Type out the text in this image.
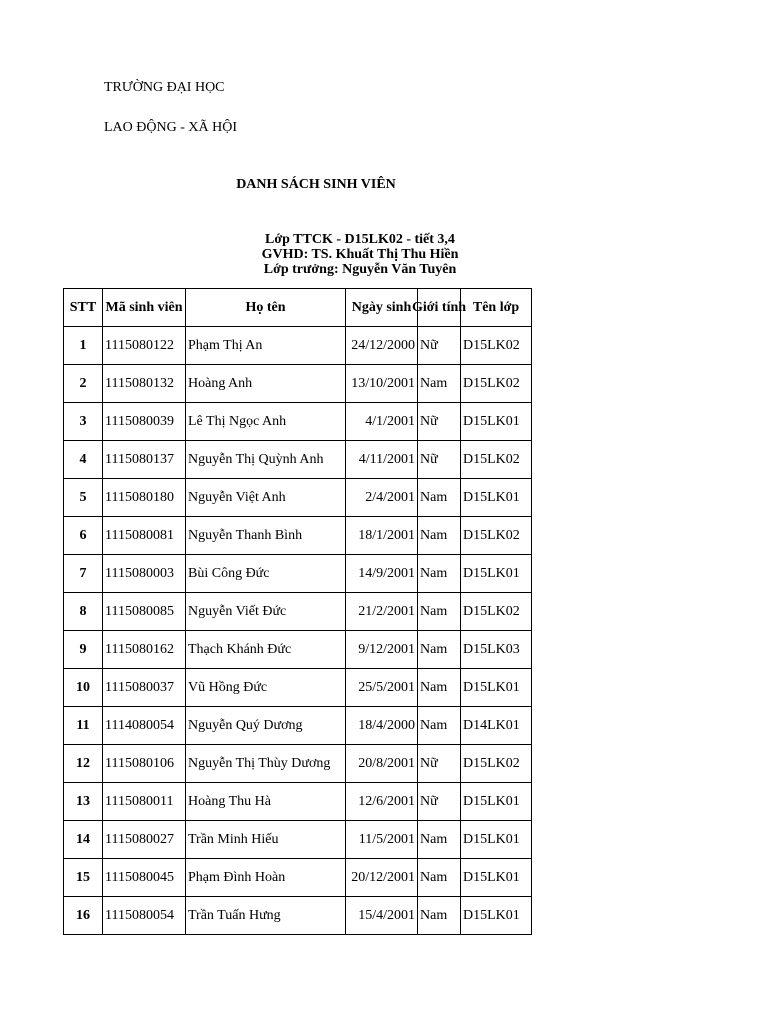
TRƯỜNG ĐẠI HỌC
LAO ĐỘNG - XÃ HỘI
DANH SÁCH SINH VIÊN
Lớp TTCK - D15LK02 - tiết 3,4
GVHD: TS. Khuất Thị Thu Hiền
Lớp trưởng: Nguyễn Văn Tuyên
STT	Mã sinh viên	Họ tên	Ngày sinh	Giới tính	Tên lớp
1	1115080122	Phạm Thị An	24/12/2000	Nữ	D15LK02
2	1115080132	Hoàng Anh	13/10/2001	Nam	D15LK02
3	1115080039	Lê Thị Ngọc Anh	4/1/2001	Nữ	D15LK01
4	1115080137	Nguyễn Thị Quỳnh Anh	4/11/2001	Nữ	D15LK02
5	1115080180	Nguyễn Việt Anh	2/4/2001	Nam	D15LK01
6	1115080081	Nguyễn Thanh Bình	18/1/2001	Nam	D15LK02
7	1115080003	Bùi Công Đức	14/9/2001	Nam	D15LK01
8	1115080085	Nguyễn Viết Đức	21/2/2001	Nam	D15LK02
9	1115080162	Thạch Khánh Đức	9/12/2001	Nam	D15LK03
10	1115080037	Vũ Hồng Đức	25/5/2001	Nam	D15LK01
11	1114080054	Nguyễn Quý Dương	18/4/2000	Nam	D14LK01
12	1115080106	Nguyễn Thị Thùy Dương	20/8/2001	Nữ	D15LK02
13	1115080011	Hoàng Thu Hà	12/6/2001	Nữ	D15LK01
14	1115080027	Trần Minh Hiếu	11/5/2001	Nam	D15LK01
15	1115080045	Phạm Đình Hoàn	20/12/2001	Nam	D15LK01
16	1115080054	Trần Tuấn Hưng	15/4/2001	Nam	D15LK01
